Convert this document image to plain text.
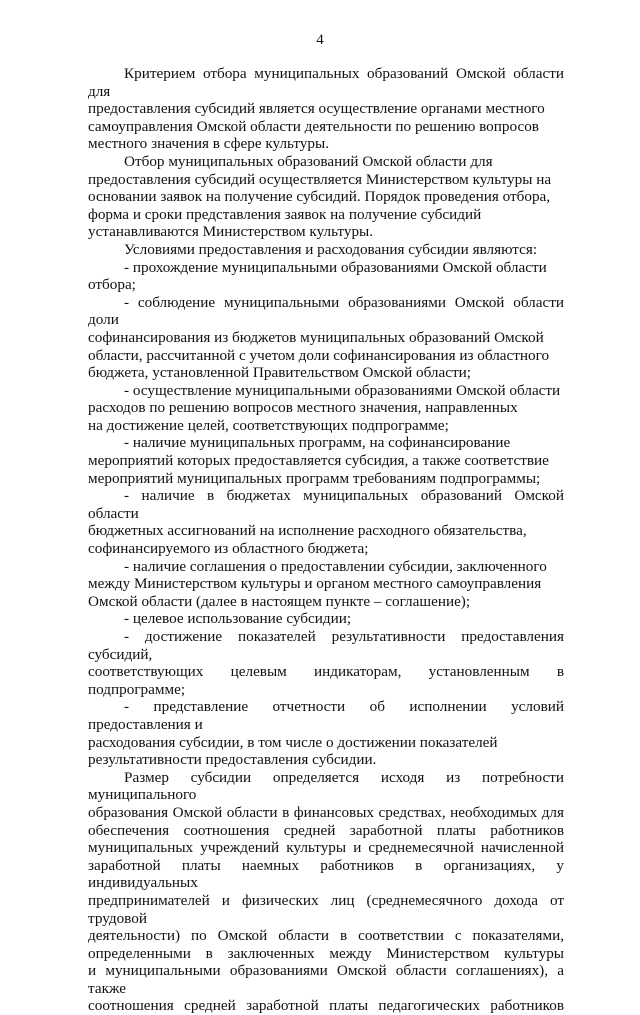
4

Критерием отбора муниципальных образований Омской области для
предоставления субсидий является осуществление органами местного
самоуправления Омской области деятельности по решению вопросов
местного значения в сфере культуры.

Отбор муниципальных образований Омской области для
предоставления субсидий осуществляется Министерством культуры на
основании заявок на получение субсидий. Порядок проведения отбора,
форма и сроки представления заявок на получение субсидий
устанавливаются Министерством культуры.

Условиями предоставления и расходования субсидии являются:

- прохождение муниципальными образованиями Омской области
отбора;

- соблюдение муниципальными образованиями Омской области доли
софинансирования из бюджетов муниципальных образований Омской
области, рассчитанной с учетом доли софинансирования из областного
бюджета, установленной Правительством Омской области;

- осуществление муниципальными образованиями Омской области
расходов по решению вопросов местного значения, направленных
на достижение целей, соответствующих подпрограмме;

- наличие муниципальных программ, на софинансирование
мероприятий которых предоставляется субсидия, а также соответствие
мероприятий муниципальных программ требованиям подпрограммы;

- наличие в бюджетах муниципальных образований Омской области
бюджетных ассигнований на исполнение расходного обязательства,
софинансируемого из областного бюджета;

- наличие соглашения о предоставлении субсидии, заключенного
между Министерством культуры и органом местного самоуправления
Омской области (далее в настоящем пункте – соглашение);

- целевое использование субсидии;

- достижение показателей результативности предоставления субсидий,
соответствующих целевым индикаторам, установленным в подпрограмме;

- представление отчетности об исполнении условий предоставления и
расходования субсидии, в том числе о достижении показателей
результативности предоставления субсидии.

Размер субсидии определяется исходя из потребности муниципального
образования Омской области в финансовых средствах, необходимых для
обеспечения соотношения средней заработной платы работников
муниципальных учреждений культуры и среднемесячной начисленной
заработной платы наемных работников в организациях, у индивидуальных
предпринимателей и физических лиц (среднемесячного дохода от трудовой
деятельности) по Омской области в соответствии с показателями,
определенными в заключенных между Министерством культуры
и муниципальными образованиями Омской области соглашениях), а также
соотношения средней заработной платы педагогических работников
